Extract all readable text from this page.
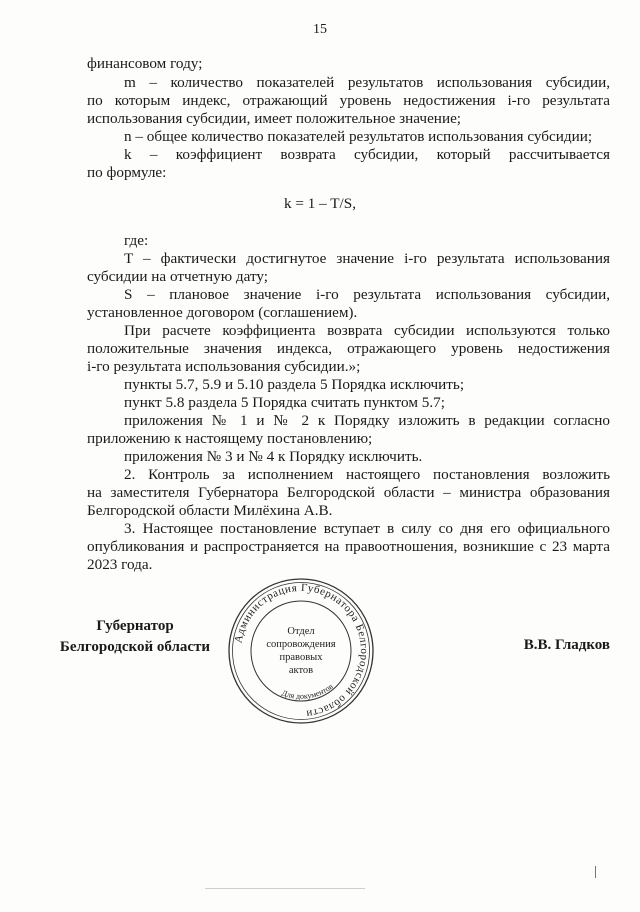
15
финансовом году;
m – количество показателей результатов использования субсидии,
по которым индекс, отражающий уровень недостижения i-го результата
использования субсидии, имеет положительное значение;
n – общее количество показателей результатов использования субсидии;
k – коэффициент возврата субсидии, который рассчитывается
по формуле:
где:
T – фактически достигнутое значение i-го результата использования
субсидии на отчетную дату;
S – плановое значение i-го результата использования субсидии,
установленное договором (соглашением).
При расчете коэффициента возврата субсидии используются только
положительные значения индекса, отражающего уровень недостижения
i-го результата использования субсидии.»;
пункты 5.7, 5.9 и 5.10 раздела 5 Порядка исключить;
пункт 5.8 раздела 5 Порядка считать пунктом 5.7;
приложения № 1 и № 2 к Порядку изложить в редакции согласно
приложению к настоящему постановлению;
приложения № 3 и № 4 к Порядку исключить.
2. Контроль за исполнением настоящего постановления возложить
на заместителя Губернатора Белгородской области – министра образования
Белгородской области Милёхина А.В.
3. Настоящее постановление вступает в силу со дня его официального
опубликования и распространяется на правоотношения, возникшие с 23 марта
2023 года.
k = 1 – T/S,
Губернатор
Белгородской области	В.В. Гладков
Администрация Губернатора Белгородской области
Для документов
Отдел
сопровождения
правовых
актов
